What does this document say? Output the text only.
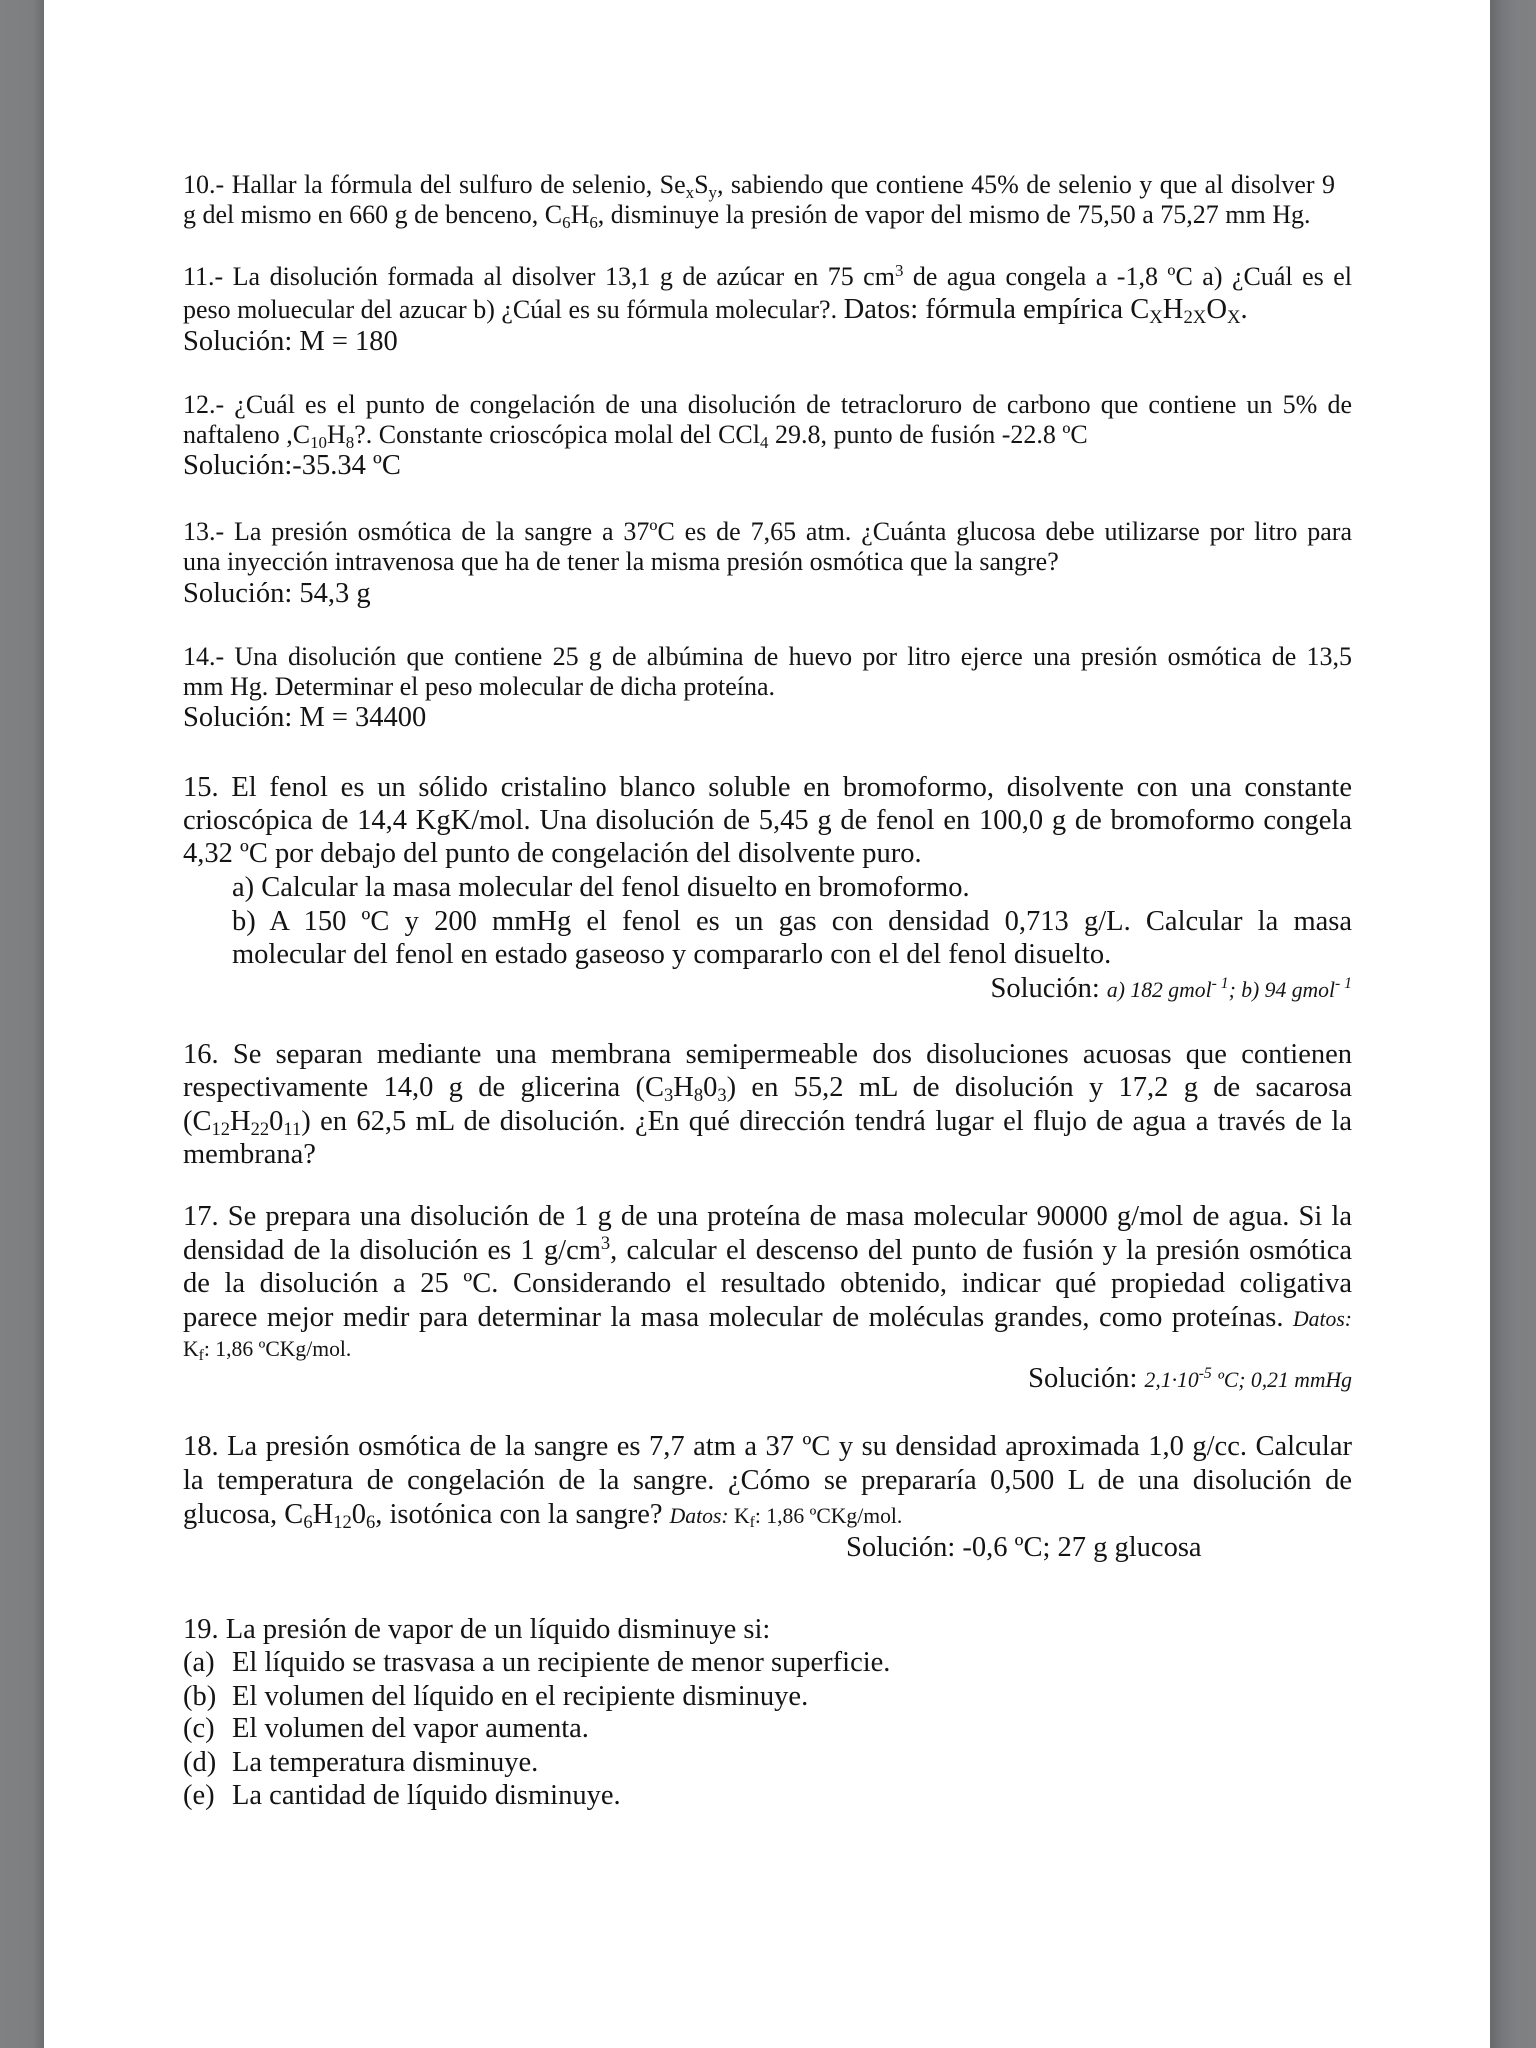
10.- Hallar la fórmula del sulfuro de selenio, $Se_xS_y$, sabiendo que contiene 45% de selenio y que al disolver 9
g del mismo en 660 g de benceno, $C_6H_6$, disminuye la presión de vapor del mismo de 75,50 a 75,27 mm Hg.
11.- La disolución formada al disolver 13,1 g de azúcar en 75 $cm^3$ de agua congela a -1,8 ºC a) ¿Cuál es el
peso moluecular del azucar b) ¿Cúal es su fórmula molecular?. Datos: fórmula empírica $C_XH_{2X}O_X$.
Solución: M = 180
12.- ¿Cuál es el punto de congelación de una disolución de tetracloruro de carbono que contiene un 5% de
naftaleno $,C_{10}H_8$?. Constante crioscópica molal del CCl$_4$ 29.8, punto de fusión -22.8 ºC
Solución:-35.34 ºC
13.- La presión osmótica de la sangre a 37ºC es de 7,65 atm. ¿Cuánta glucosa debe utilizarse por litro para
una inyección intravenosa que ha de tener la misma presión osmótica que la sangre?
Solución: 54,3 g
14.- Una disolución que contiene 25 g de albúmina de huevo por litro ejerce una presión osmótica de 13,5
mm Hg. Determinar el peso molecular de dicha proteína.
Solución: M = 34400
15. El fenol es un sólido cristalino blanco soluble en bromoformo, disolvente con una constante
crioscópica de 14,4 KgK/mol. Una disolución de 5,45 g de fenol en 100,0 g de bromoformo congela
4,32 ºC por debajo del punto de congelación del disolvente puro.
a) Calcular la masa molecular del fenol disuelto en bromoformo.
b) A 150 ºC y 200 mmHg el fenol es un gas con densidad 0,713 g/L. Calcular la masa
molecular del fenol en estado gaseoso y compararlo con el del fenol disuelto.
Solución: a) 182 gmol$^{- 1}$; b) 94 gmol$^{- 1}$
16. Se separan mediante una membrana semipermeable dos disoluciones acuosas que contienen
respectivamente 14,0 g de glicerina $(C_3H_80_3)$ en 55,2 mL de disolución y 17,2 g de sacarosa
$(C_{12}H_{22}0_{11})$ en 62,5 mL de disolución. ¿En qué dirección tendrá lugar el flujo de agua a través de la
membrana?
17. Se prepara una disolución de 1 g de una proteína de masa molecular 90000 g/mol de agua. Si la
densidad de la disolución es 1 $g/cm^3$, calcular el descenso del punto de fusión y la presión osmótica
de la disolución a 25 ºC. Considerando el resultado obtenido, indicar qué propiedad coligativa
parece mejor medir para determinar la masa molecular de moléculas grandes, como proteínas. Datos:
$K_f$: 1,86 ºCKg/mol.
Solución: $2,1\cdot 10^{-5}$ ºC; 0,21 mmHg
18. La presión osmótica de la sangre es 7,7 atm a 37 ºC y su densidad aproximada 1,0 g/cc. Calcular
la temperatura de congelación de la sangre. ¿Cómo se prepararía 0,500 L de una disolución de
glucosa, $C_6H_{12}0_6$, isotónica con la sangre? Datos: $K_f$: 1,86 ºCKg/mol.
Solución: -0,6 ºC; 27 g glucosa
19. La presión de vapor de un líquido disminuye si:
(a) El líquido se trasvasa a un recipiente de menor superficie.
(b) El volumen del líquido en el recipiente disminuye.
(c) El volumen del vapor aumenta.
(d) La temperatura disminuye.
(e) La cantidad de líquido disminuye.
